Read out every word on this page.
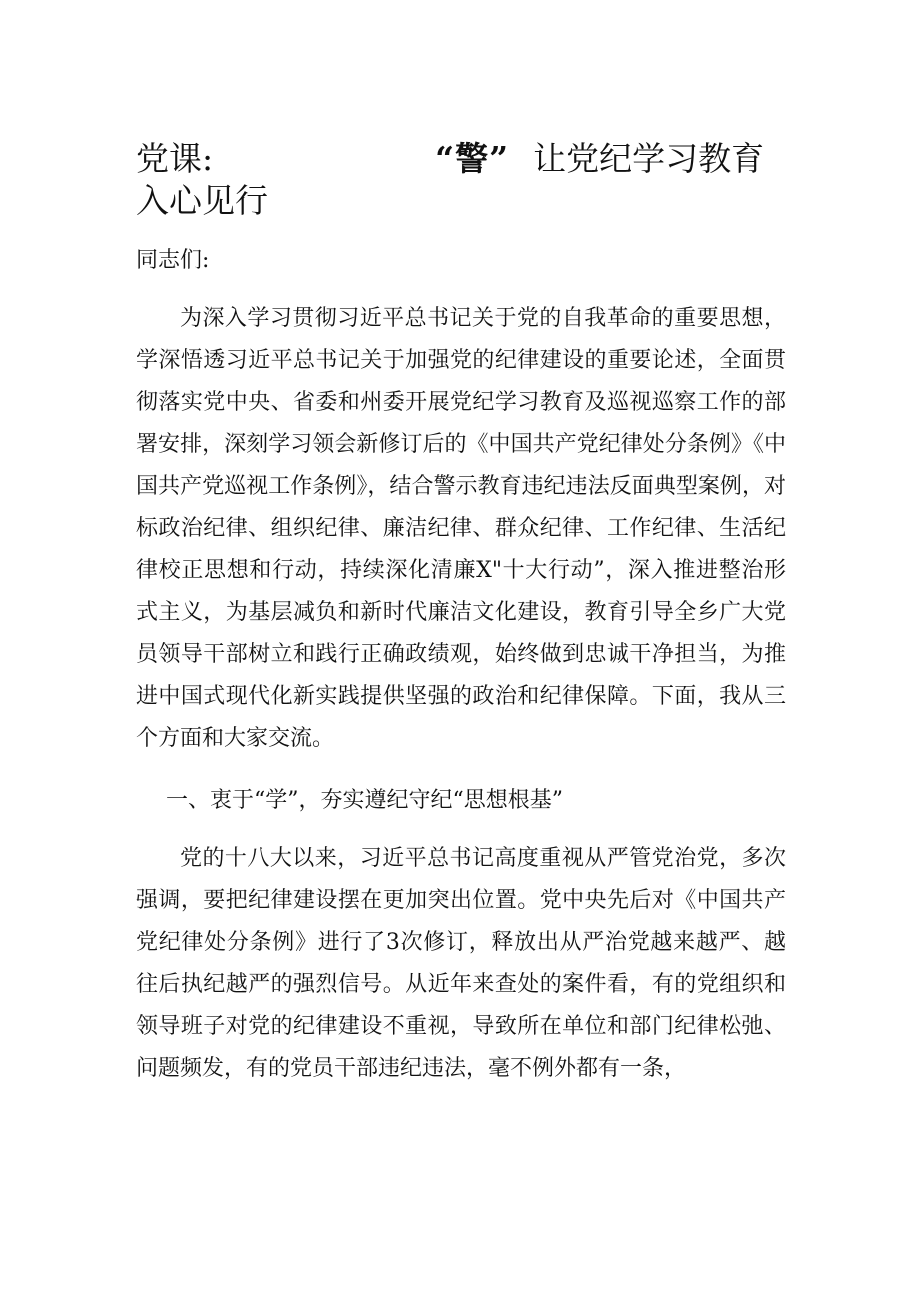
党课:	“警” 让党纪学习教育入心见行

同志们:

为深入学习贯彻习近平总书记关于党的自我革命的重要思想，学深悟透习近平总书记关于加强党的纪律建设的重要论述，全面贯彻落实党中央、省委和州委开展党纪学习教育及巡视巡察工作的部署安排，深刻学习领会新修订后的《中国共产党纪律处分条例》《中国共产党巡视工作条例》，结合警示教育违纪违法反面典型案例，对标政治纪律、组织纪律、廉洁纪律、群众纪律、工作纪律、生活纪律校正思想和行动，持续深化清廉X"十大行动”，深入推进整治形式主义，为基层减负和新时代廉洁文化建设，教育引导全乡广大党员领导干部树立和践行正确政绩观，始终做到忠诚干净担当，为推进中国式现代化新实践提供坚强的政治和纪律保障。下面，我从三个方面和大家交流。

一、衷于“学”，夯实遵纪守纪“思想根基”

党的十八大以来，习近平总书记高度重视从严管党治党，多次强调，要把纪律建设摆在更加突出位置。党中央先后对《中国共产党纪律处分条例》进行了3次修订，释放出从严治党越来越严、越往后执纪越严的强烈信号。从近年来查处的案件看，有的党组织和领导班子对党的纪律建设不重视，导致所在单位和部门纪律松弛、问题频发，有的党员干部违纪违法，毫不例外都有一条，
